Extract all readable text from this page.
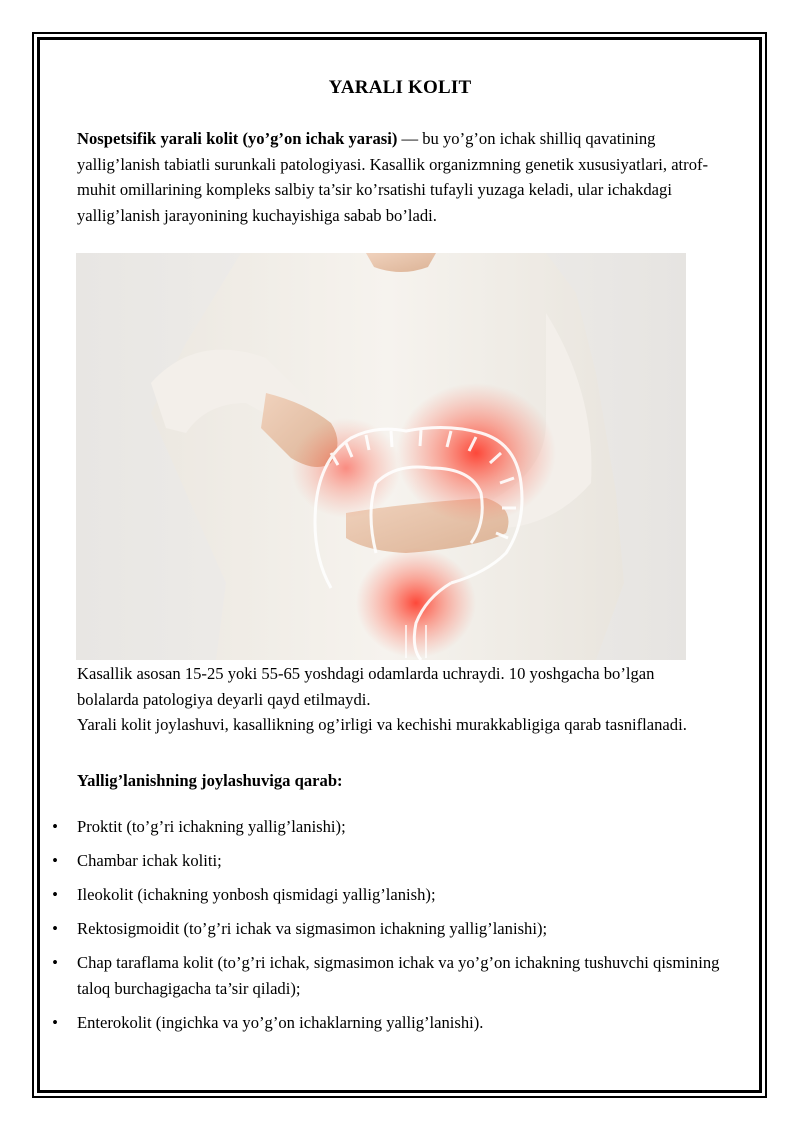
YARALI KOLIT
Nospetsifik yarali kolit (yo’g’on ichak yarasi) — bu yo’g’on ichak shilliq qavatining yallig’lanish tabiatli surunkali patologiyasi. Kasallik organizmning genetik xususiyatlari, atrof-muhit omillarining kompleks salbiy ta’sir ko’rsatishi tufayli yuzaga keladi, ular ichakdagi yallig’lanish jarayonining kuchayishiga sabab bo’ladi.
Kasallik asosan 15-25 yoki 55-65 yoshdagi odamlarda uchraydi. 10 yoshgacha bo’lgan bolalarda patologiya deyarli qayd etilmaydi.
Yarali kolit joylashuvi, kasallikning og’irligi va kechishi murakkabligiga qarab tasniflanadi.
Yallig’lanishning joylashuviga qarab:
• Proktit (to’g’ri ichakning yallig’lanishi);
• Chambar ichak koliti;
• Ileokolit (ichakning yonbosh qismidagi yallig’lanish);
• Rektosigmoidit (to’g’ri ichak va sigmasimon ichakning yallig’lanishi);
• Chap taraflama kolit (to’g’ri ichak, sigmasimon ichak va yo’g’on ichakning tushuvchi qismining taloq burchagigacha ta’sir qiladi);
• Enterokolit (ingichka va yo’g’on ichaklarning yallig’lanishi).
